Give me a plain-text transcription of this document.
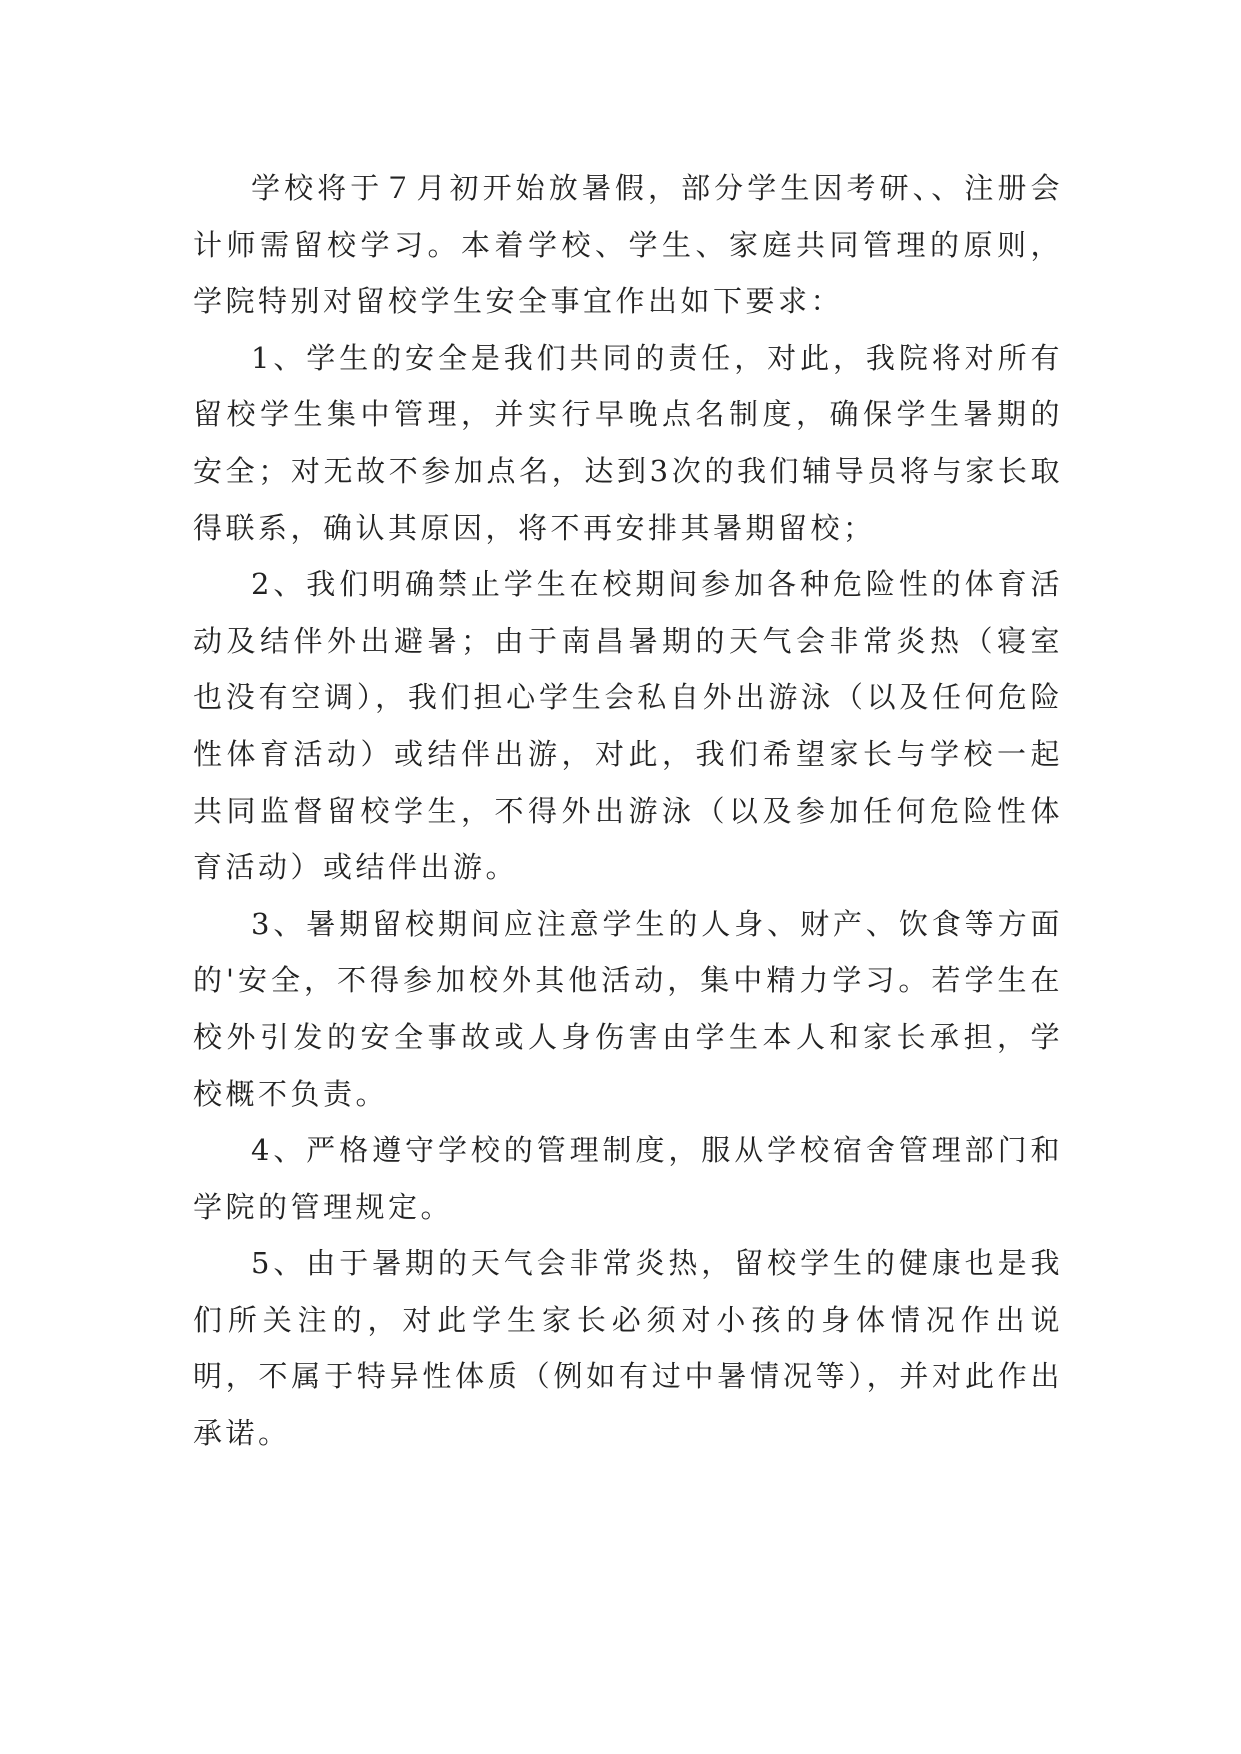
学校将于７月初开始放暑假，部分学生因考研、、注册会计师需留校学习。本着学校、学生、家庭共同管理的原则，学院特别对留校学生安全事宜作出如下要求：

1、学生的安全是我们共同的责任，对此，我院将对所有留校学生集中管理，并实行早晚点名制度，确保学生暑期的安全；对无故不参加点名，达到3次的我们辅导员将与家长取得联系，确认其原因，将不再安排其暑期留校；

2、我们明确禁止学生在校期间参加各种危险性的体育活动及结伴外出避暑；由于南昌暑期的天气会非常炎热（寝室也没有空调），我们担心学生会私自外出游泳（以及任何危险性体育活动）或结伴出游，对此，我们希望家长与学校一起共同监督留校学生，不得外出游泳（以及参加任何危险性体育活动）或结伴出游。

3、暑期留校期间应注意学生的人身、财产、饮食等方面的'安全，不得参加校外其他活动，集中精力学习。若学生在校外引发的安全事故或人身伤害由学生本人和家长承担，学校概不负责。

4、严格遵守学校的管理制度，服从学校宿舍管理部门和学院的管理规定。

5、由于暑期的天气会非常炎热，留校学生的健康也是我们所关注的，对此学生家长必须对小孩的身体情况作出说明，不属于特异性体质（例如有过中暑情况等），并对此作出承诺。
